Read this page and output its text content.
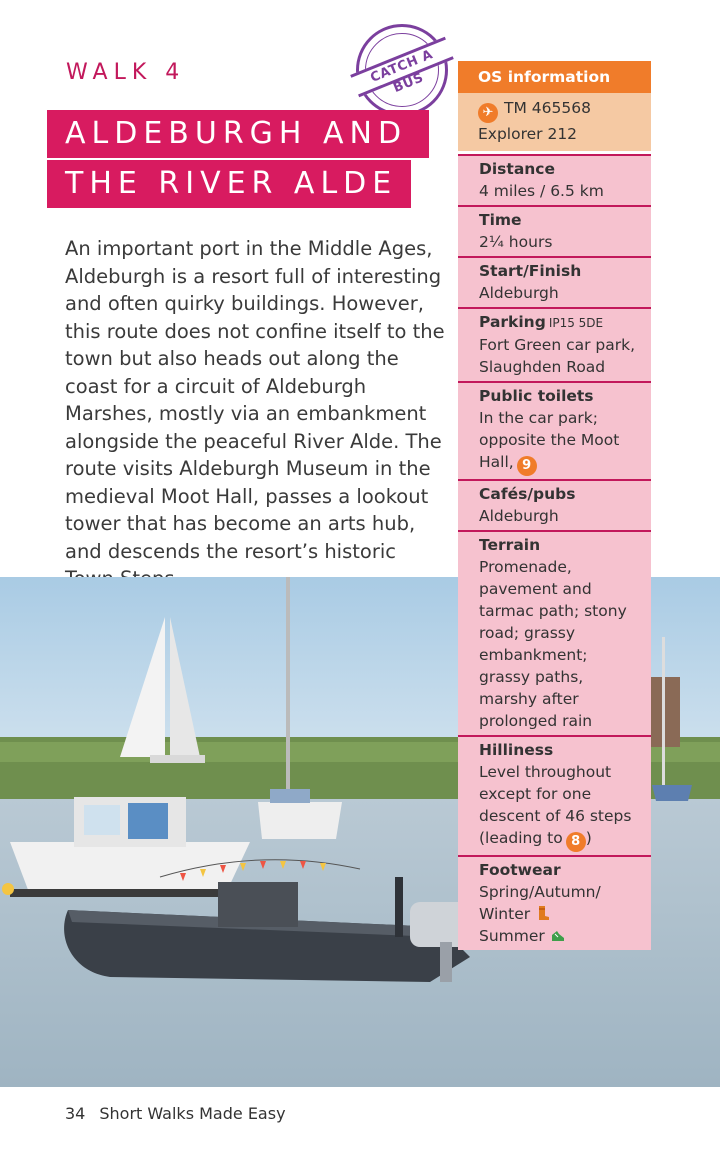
WALK 4	CATCH A BUS
ALDEBURGH AND
THE RIVER ALDE

An important port in the Middle Ages, Aldeburgh is a resort full of interesting and often quirky buildings. However, this route does not confine itself to the town but also heads out along the coast for a circuit of Aldeburgh Marshes, mostly via an embankment alongside the peaceful River Alde. The route visits Aldeburgh Museum in the medieval Moot Hall, passes a lookout tower that has become an arts hub, and descends the resort’s historic

OS information
✈ TM 465568
Explorer 212
Distance
4 miles / 6.5 km
Time
2¼ hours
Start/Finish
Aldeburgh
Parking IP15 5DE
Fort Green car park, Slaughden Road
Public toilets
In the car park; opposite the Moot Hall, 9
Cafés/pubs
Aldeburgh
Terrain
Promenade, pavement and tarmac path; stony road; grassy embankment; grassy paths, marshy after prolonged rain
Hilliness
Level throughout except for one descent of 46 steps (leading to 8 )
Footwear
Spring/Autumn/
Winter
Summer
34 Short Walks Made Easy
